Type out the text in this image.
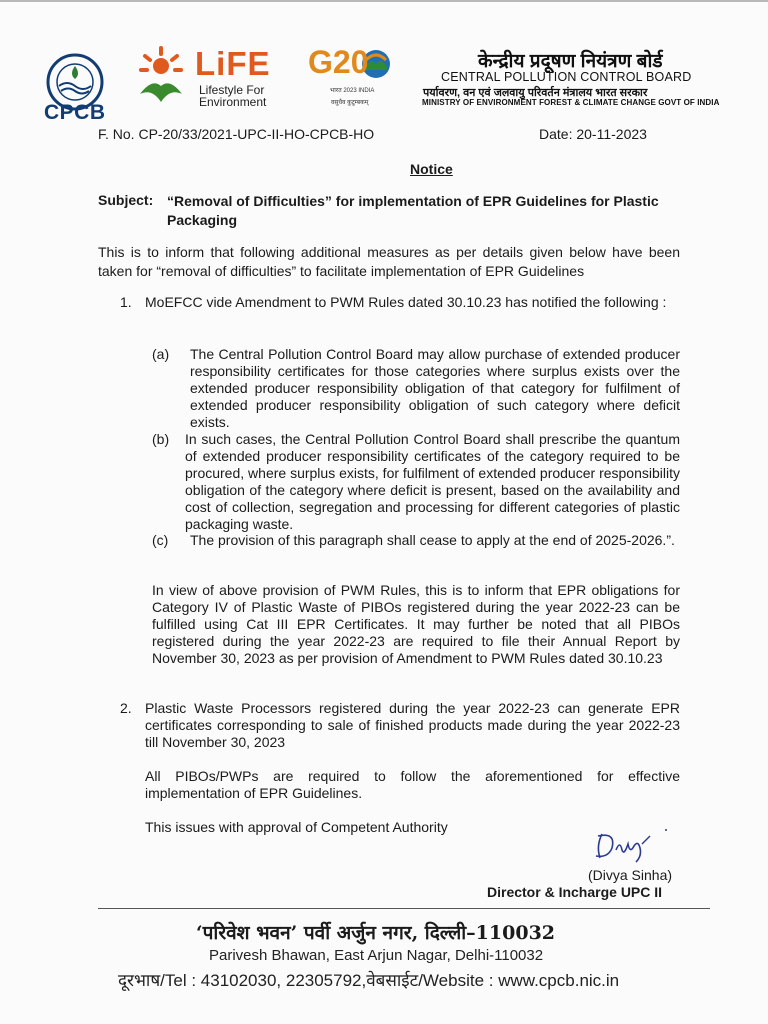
CPCB
LiFE
Lifestyle For
Environment
G20
भारत 2023 INDIA
वसुधैव कुटुम्बकम्
केन्द्रीय प्रदूषण नियंत्रण बोर्ड
CENTRAL POLLUTION CONTROL BOARD
पर्यावरण, वन एवं जलवायु परिवर्तन मंत्रालय भारत सरकार
MINISTRY OF ENVIRONMENT FOREST & CLIMATE CHANGE GOVT OF INDIA
F. No. CP-20/33/2021-UPC-II-HO-CPCB-HO	Date: 20-11-2023
Notice
Subject: “Removal of Difficulties” for implementation of EPR Guidelines for Plastic Packaging
This is to inform that following additional measures as per details given below have been taken for “removal of difficulties” to facilitate implementation of EPR Guidelines
1. MoEFCC vide Amendment to PWM Rules dated 30.10.23 has notified the following :
(a) The Central Pollution Control Board may allow purchase of extended producer responsibility certificates for those categories where surplus exists over the extended producer responsibility obligation of that category for fulfilment of extended producer responsibility obligation of such category where deficit exists.
(b) In such cases, the Central Pollution Control Board shall prescribe the quantum of extended producer responsibility certificates of the category required to be procured, where surplus exists, for fulfilment of extended producer responsibility obligation of the category where deficit is present, based on the availability and cost of collection, segregation and processing for different categories of plastic packaging waste.
(c) The provision of this paragraph shall cease to apply at the end of 2025-2026.”.
In view of above provision of PWM Rules, this is to inform that EPR obligations for Category IV of Plastic Waste of PIBOs registered during the year 2022-23 can be fulfilled using Cat III EPR Certificates. It may further be noted that all PIBOs registered during the year 2022-23 are required to file their Annual Report by November 30, 2023 as per provision of Amendment to PWM Rules dated 30.10.23
2. Plastic Waste Processors registered during the year 2022-23 can generate EPR certificates corresponding to sale of finished products made during the year 2022-23 till November 30, 2023
All PIBOs/PWPs are required to follow the aforementioned for effective implementation of EPR Guidelines.
This issues with approval of Competent Authority
(Divya Sinha)
Director & Incharge UPC II
‘परिवेश भवन’ पर्वी अर्जुन नगर, दिल्ली–110032
Parivesh Bhawan, East Arjun Nagar, Delhi-110032
दूरभाष/Tel : 43102030, 22305792,वेबसाईट/Website : www.cpcb.nic.in
